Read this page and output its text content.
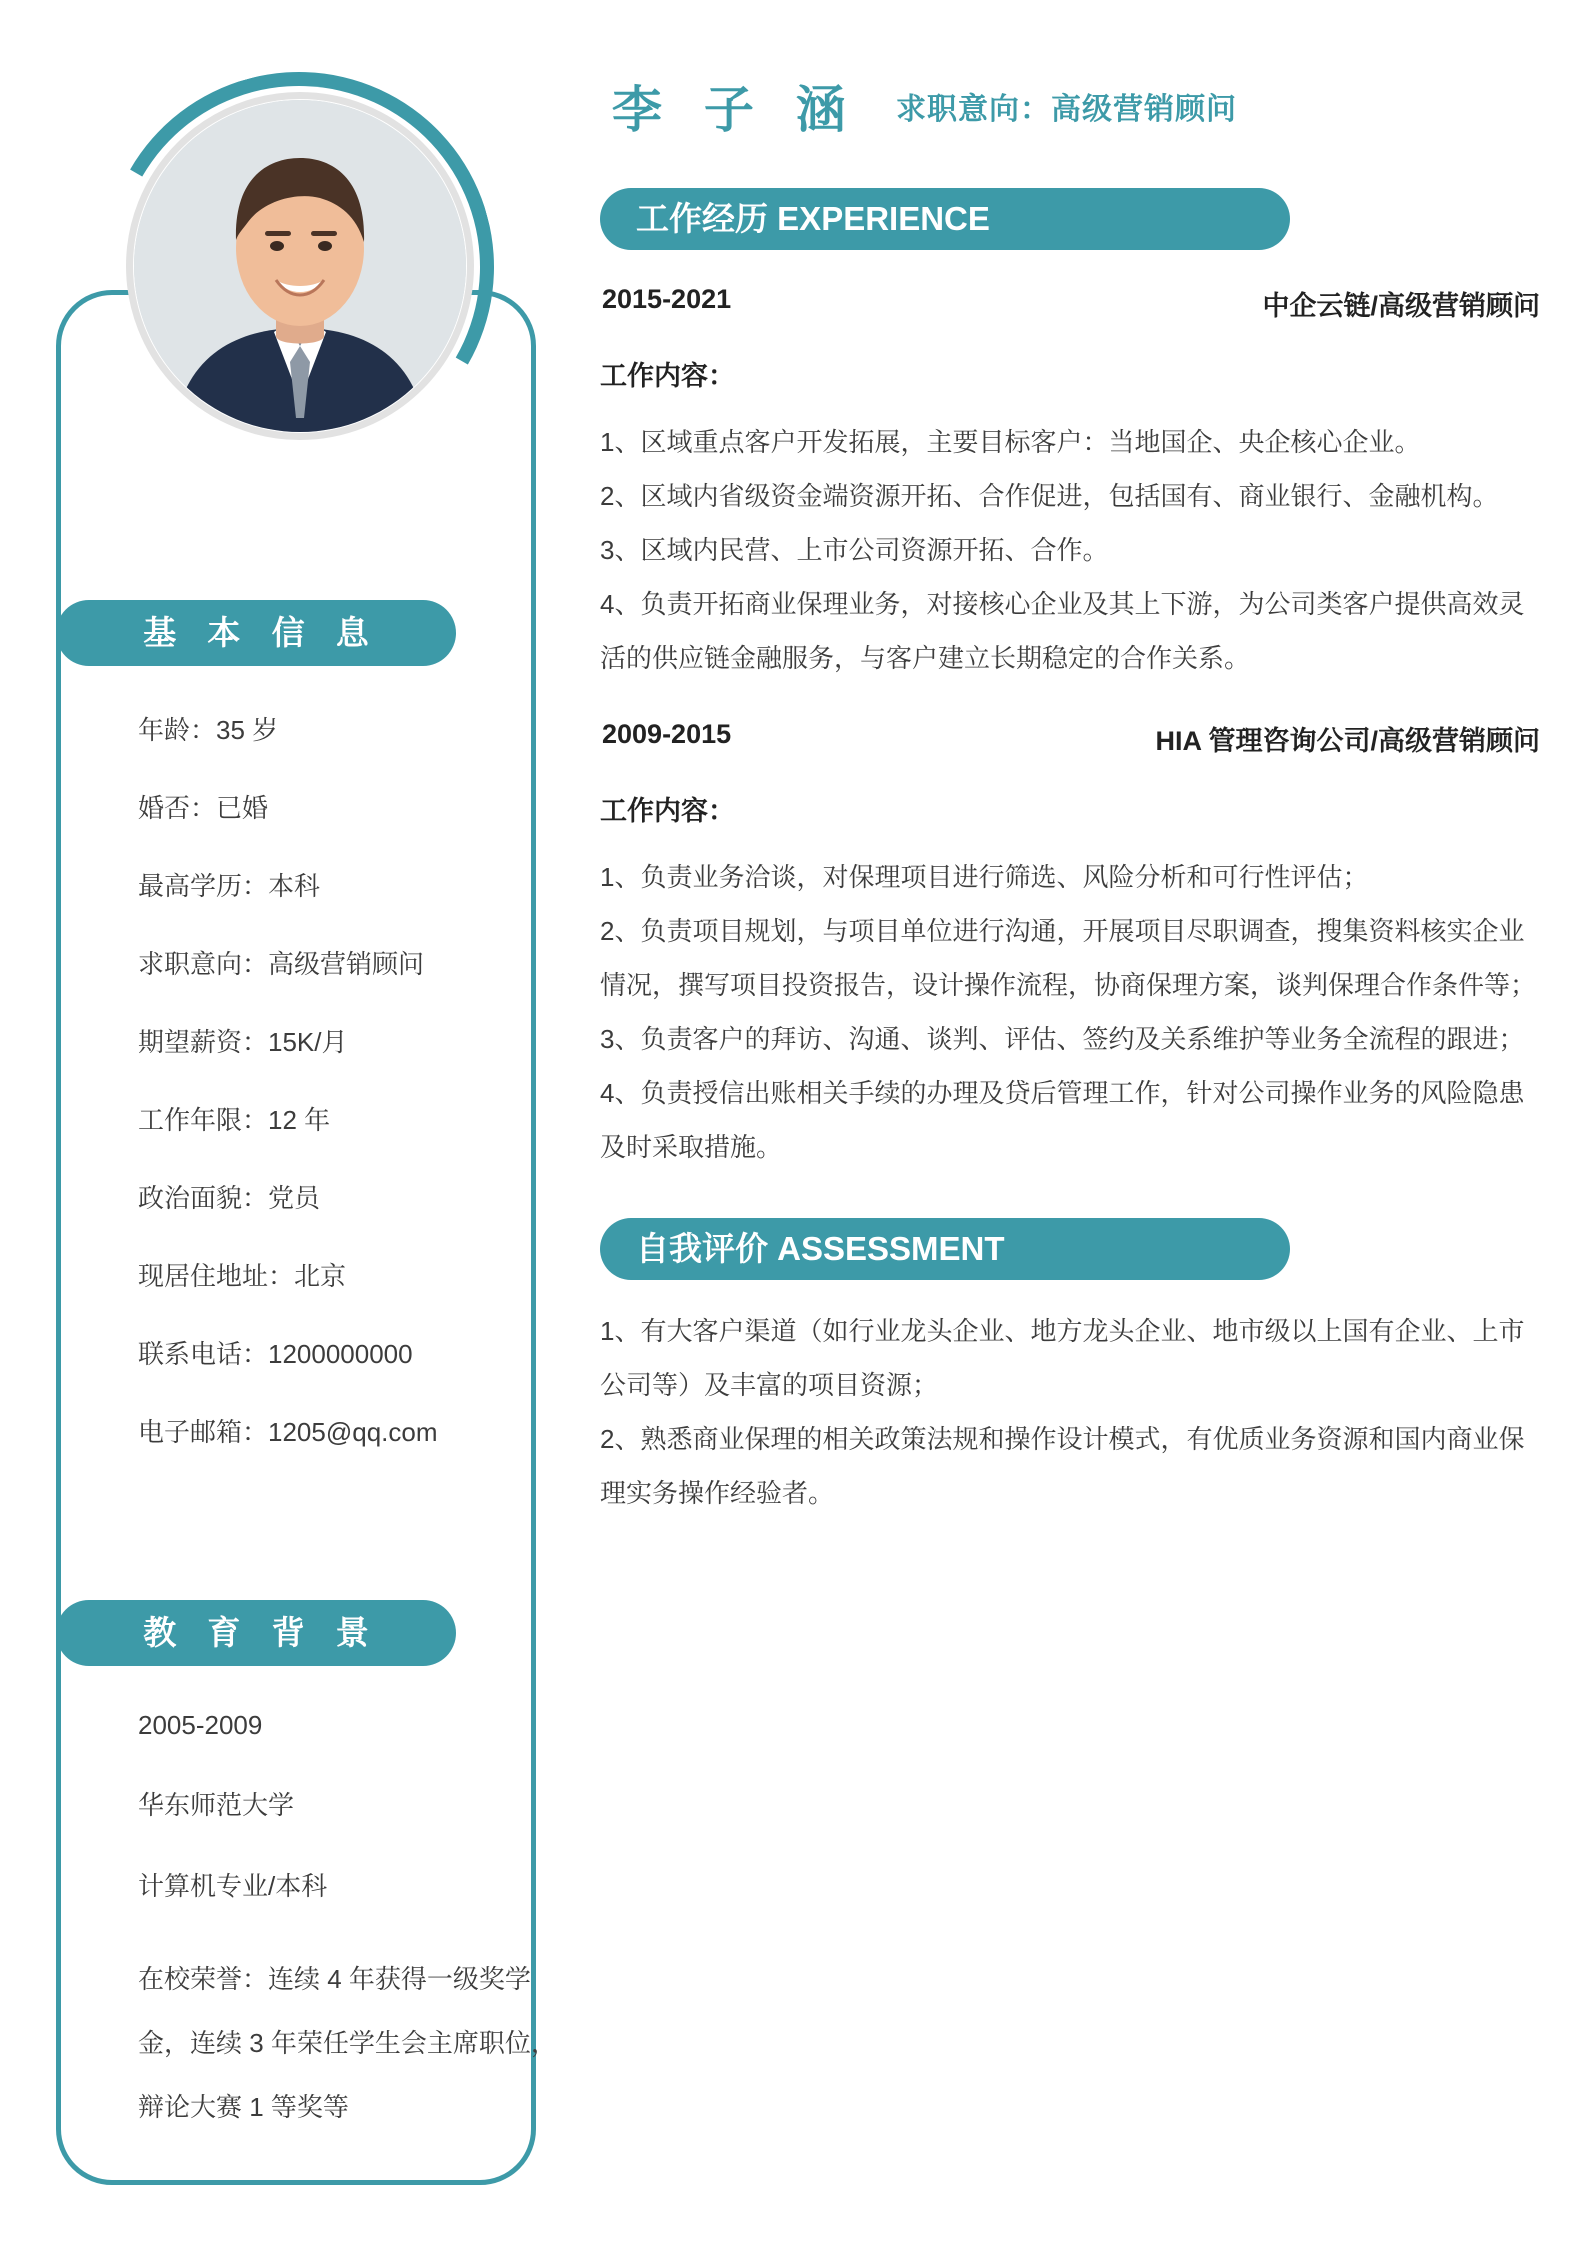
基 本 信 息
年龄：35 岁
婚否：已婚
最高学历：本科
求职意向：高级营销顾问
期望薪资：15K/月
工作年限：12 年
政治面貌：党员
现居住地址：北京
联系电话：1200000000
电子邮箱：1205@qq.com
教 育 背 景
2005-2009
华东师范大学
计算机专业/本科
在校荣誉：连续 4 年获得一级奖学金，连续 3 年荣任学生会主席职位，辩论大赛 1 等奖等
李 子 涵 求职意向：高级营销顾问
工作经历 EXPERIENCE
2015-2021	中企云链/高级营销顾问
工作内容：

1、区域重点客户开发拓展，主要目标客户：当地国企、央企核心企业。

2、区域内省级资金端资源开拓、合作促进，包括国有、商业银行、金融机构。

3、区域内民营、上市公司资源开拓、合作。

4、负责开拓商业保理业务，对接核心企业及其上下游，为公司类客户提供高效灵活的供应链金融服务，与客户建立长期稳定的合作关系。

2009-2015	HIA 管理咨询公司/高级营销顾问
工作内容：

1、负责业务洽谈，对保理项目进行筛选、风险分析和可行性评估；

2、负责项目规划，与项目单位进行沟通，开展项目尽职调查，搜集资料核实企业情况，撰写项目投资报告，设计操作流程，协商保理方案，谈判保理合作条件等；

3、负责客户的拜访、沟通、谈判、评估、签约及关系维护等业务全流程的跟进；

4、负责授信出账相关手续的办理及贷后管理工作，针对公司操作业务的风险隐患及时采取措施。

自我评价 ASSESSMENT

1、有大客户渠道（如行业龙头企业、地方龙头企业、地市级以上国有企业、上市公司等）及丰富的项目资源；

2、熟悉商业保理的相关政策法规和操作设计模式，有优质业务资源和国内商业保理实务操作经验者。
